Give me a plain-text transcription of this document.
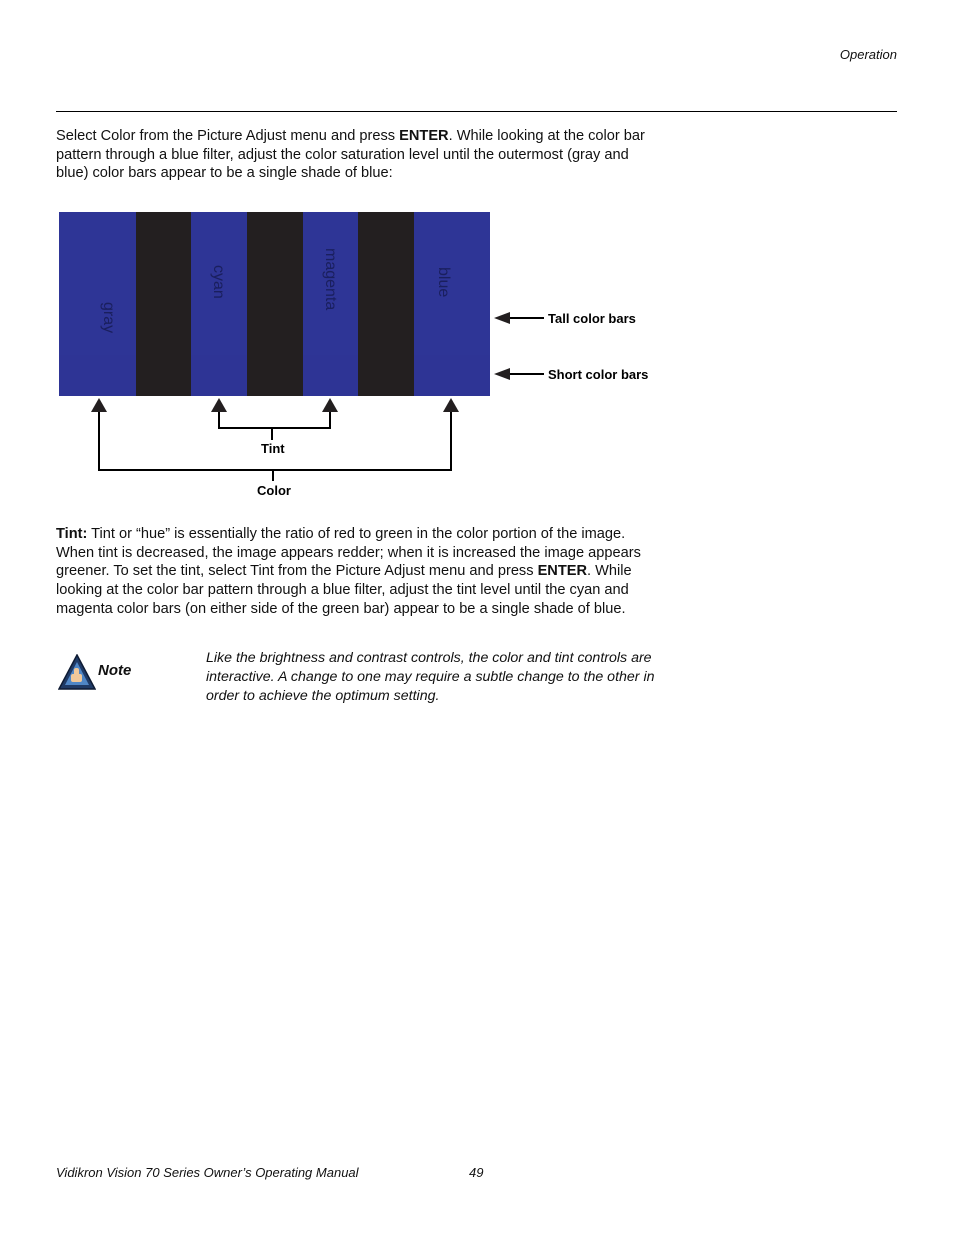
Operation
Select Color from the Picture Adjust menu and press ENTER. While looking at the color bar pattern through a blue filter, adjust the color saturation level until the outermost (gray and blue) color bars appear to be a single shade of blue:
gray
cyan	magenta	blue
Tall color bars
Short color bars
Tint
Color
Tint: Tint or “hue” is essentially the ratio of red to green in the color portion of the image. When tint is decreased, the image appears redder; when it is increased the image appears greener. To set the tint, select Tint from the Picture Adjust menu and press ENTER. While looking at the color bar pattern through a blue filter, adjust the tint level until the cyan and magenta color bars (on either side of the green bar) appear to be a single shade of blue.
Note
Like the brightness and contrast controls, the color and tint controls are interactive. A change to one may require a subtle change to the other in order to achieve the optimum setting.
Vidikron Vision 70 Series Owner’s Operating Manual	49
